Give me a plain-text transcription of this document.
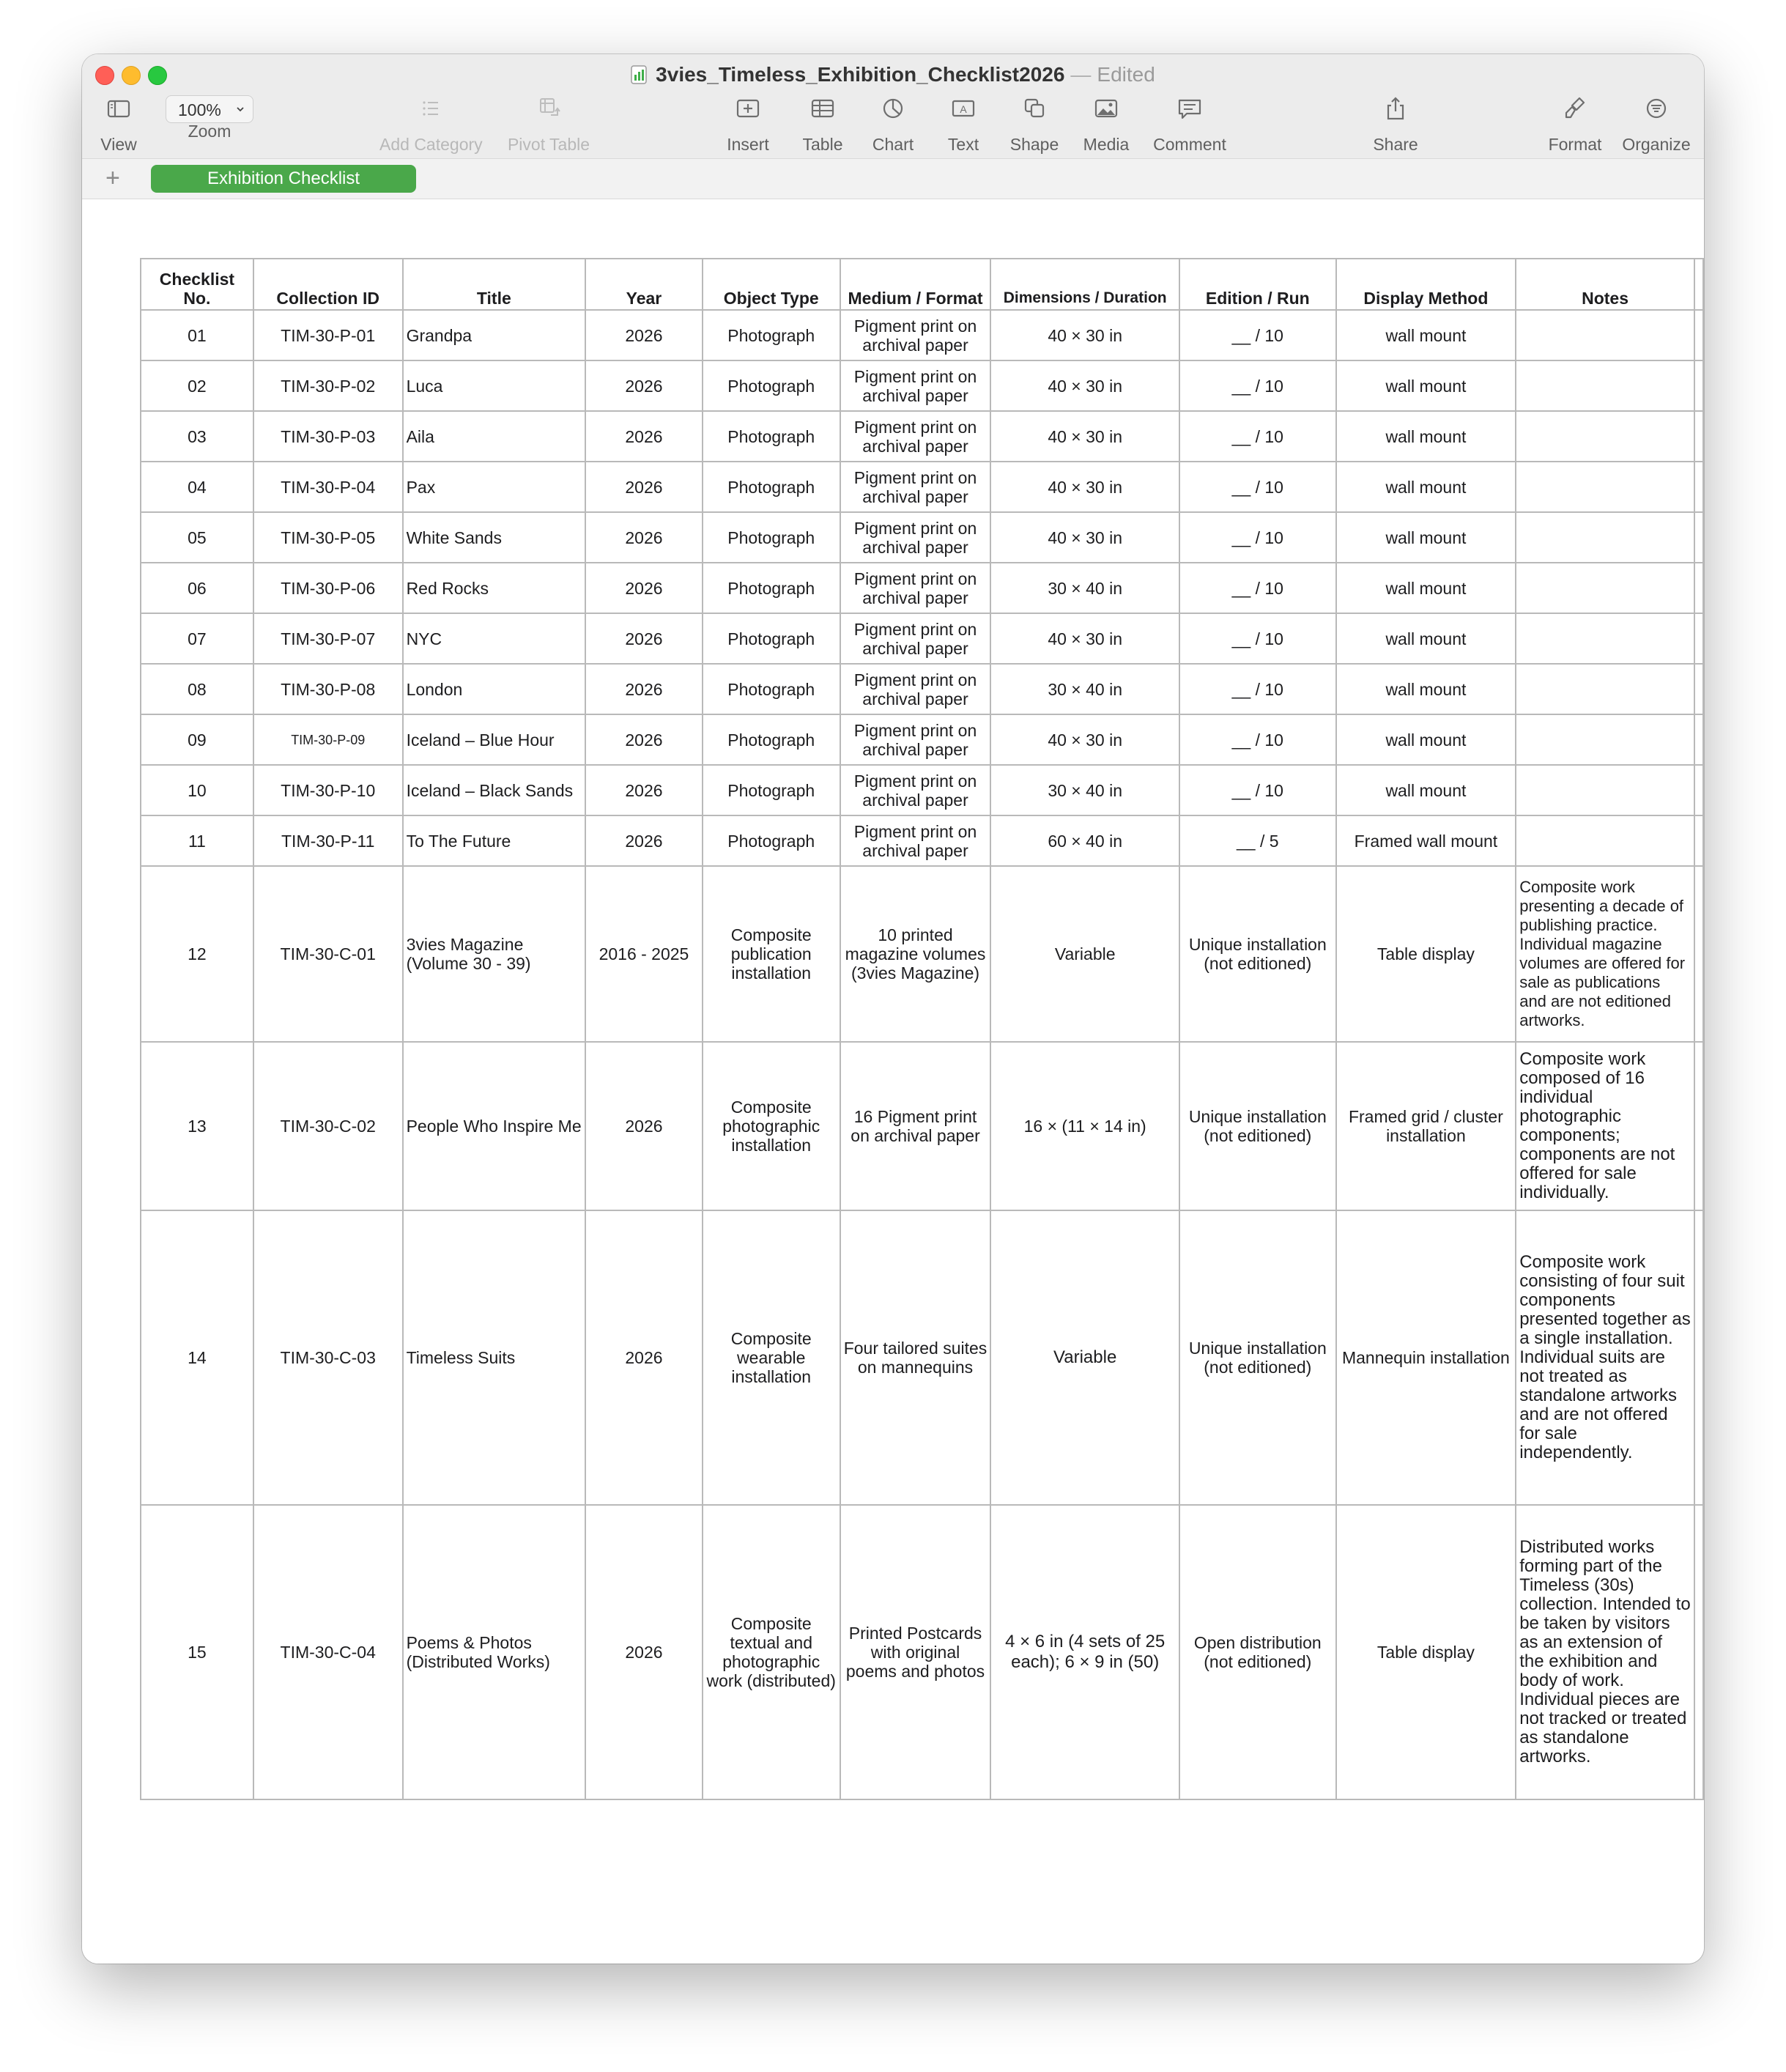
3vies_Timeless_Exhibition_Checklist2026 — Edited
View
100%
Zoom
Add Category	Pivot Table	Insert	Table	Chart
A
Text	Shape	Media	Comment	Share	Format	Organize
+	Exhibition Checklist
Checklist No.	Collection ID	Title	Year	Object Type	Medium / Format	Dimensions / Duration	Edition / Run	Display Method	Notes	
01	TIM-30-P-01	Grandpa	2026	Photograph	Pigment print on archival paper	40 × 30 in	__ / 10	wall mount		
02	TIM-30-P-02	Luca	2026	Photograph	Pigment print on archival paper	40 × 30 in	__ / 10	wall mount		
03	TIM-30-P-03	Aila	2026	Photograph	Pigment print on archival paper	40 × 30 in	__ / 10	wall mount		
04	TIM-30-P-04	Pax	2026	Photograph	Pigment print on archival paper	40 × 30 in	__ / 10	wall mount		
05	TIM-30-P-05	White Sands	2026	Photograph	Pigment print on archival paper	40 × 30 in	__ / 10	wall mount		
06	TIM-30-P-06	Red Rocks	2026	Photograph	Pigment print on archival paper	30 × 40 in	__ / 10	wall mount		
07	TIM-30-P-07	NYC	2026	Photograph	Pigment print on archival paper	40 × 30 in	__ / 10	wall mount		
08	TIM-30-P-08	London	2026	Photograph	Pigment print on archival paper	30 × 40 in	__ / 10	wall mount		
09	TIM-30-P-09	Iceland – Blue Hour	2026	Photograph	Pigment print on archival paper	40 × 30 in	__ / 10	wall mount		
10	TIM-30-P-10	Iceland – Black Sands	2026	Photograph	Pigment print on archival paper	30 × 40 in	__ / 10	wall mount		
11	TIM-30-P-11	To The Future	2026	Photograph	Pigment print on archival paper	60 × 40 in	__ / 5	Framed wall mount		
12	TIM-30-C-01	3vies Magazine (Volume 30 - 39)	2016 - 2025	Composite publication installation	10 printed magazine volumes (3vies Magazine)	Variable	Unique installation (not editioned)	Table display	Composite work presenting a decade of publishing practice. Individual magazine volumes are offered for sale as publications and are not editioned artworks.	
13	TIM-30-C-02	People Who Inspire Me	2026	Composite photographic installation	16 Pigment print on archival paper	16 × (11 × 14 in)	Unique installation (not editioned)	Framed grid / cluster installation	Composite work composed of 16 individual photographic components; components are not offered for sale individually.	
14	TIM-30-C-03	Timeless Suits	2026	Composite wearable installation	Four tailored suites on mannequins	Variable	Unique installation (not editioned)	Mannequin installation	Composite work consisting of four suit components presented together as a single installation. Individual suits are not treated as standalone artworks and are not offered for sale independently.	
15	TIM-30-C-04	Poems & Photos (Distributed Works)	2026	Composite textual and photographic work (distributed)	Printed Postcards with original poems and photos	4 × 6 in (4 sets of 25 each); 6 × 9 in (50)	Open distribution (not editioned)	Table display	Distributed works forming part of the Timeless (30s) collection. Intended to be taken by visitors as an extension of the exhibition and body of work. Individual pieces are not tracked or treated as standalone artworks.	
